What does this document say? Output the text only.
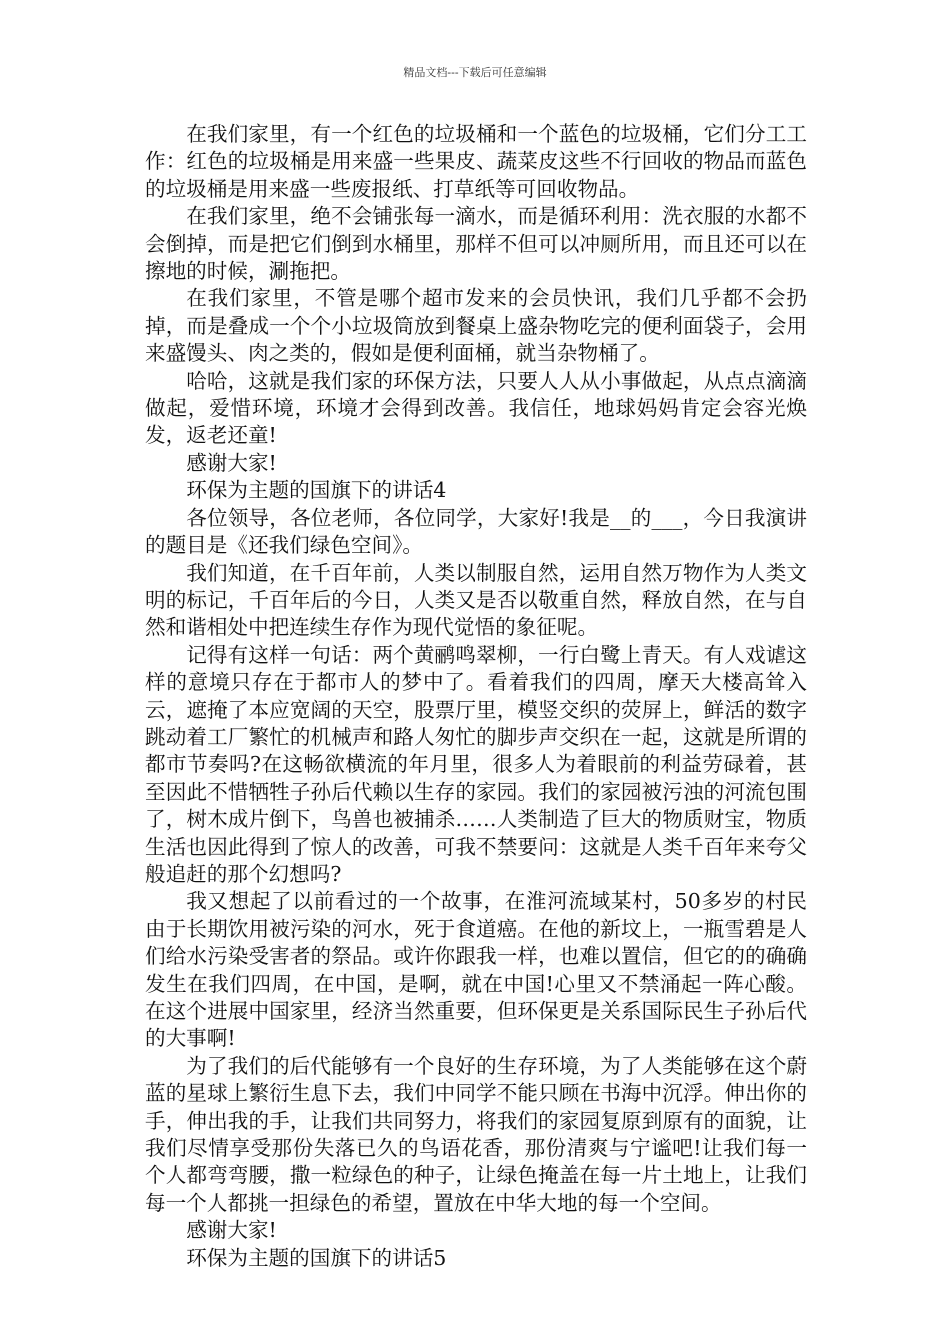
精品文档---下载后可任意编辑

在我们家里，有一个红色的垃圾桶和一个蓝色的垃圾桶，它们分工工作：红色的垃圾桶是用来盛一些果皮、蔬菜皮这些不行回收的物品而蓝色的垃圾桶是用来盛一些废报纸、打草纸等可回收物品。

在我们家里，绝不会铺张每一滴水，而是循环利用：洗衣服的水都不会倒掉，而是把它们倒到水桶里，那样不但可以冲厕所用，而且还可以在擦地的时候，涮拖把。

在我们家里，不管是哪个超市发来的会员快讯，我们几乎都不会扔掉，而是叠成一个个小垃圾筒放到餐桌上盛杂物吃完的便利面袋子，会用来盛馒头、肉之类的，假如是便利面桶，就当杂物桶了。

哈哈，这就是我们家的环保方法，只要人人从小事做起，从点点滴滴做起，爱惜环境，环境才会得到改善。我信任，地球妈妈肯定会容光焕发，返老还童!

感谢大家!

环保为主题的国旗下的讲话4

各位领导，各位老师，各位同学，大家好!我是__的___，今日我演讲的题目是《还我们绿色空间》。

我们知道，在千百年前，人类以制服自然，运用自然万物作为人类文明的标记，千百年后的今日，人类又是否以敬重自然，释放自然，在与自然和谐相处中把连续生存作为现代觉悟的象征呢。

记得有这样一句话：两个黄鹂鸣翠柳，一行白鹭上青天。有人戏谑这样的意境只存在于都市人的梦中了。看着我们的四周，摩天大楼高耸入云，遮掩了本应宽阔的天空，股票厅里，模竖交织的荧屏上，鲜活的数字跳动着工厂繁忙的机械声和路人匆忙的脚步声交织在一起，这就是所谓的都市节奏吗?在这畅欲横流的年月里，很多人为着眼前的利益劳碌着，甚至因此不惜牺牲子孙后代赖以生存的家园。我们的家园被污浊的河流包围了，树木成片倒下，鸟兽也被捕杀……人类制造了巨大的物质财宝，物质生活也因此得到了惊人的改善，可我不禁要问：这就是人类千百年来夸父般追赶的那个幻想吗?

我又想起了以前看过的一个故事，在淮河流域某村，50多岁的村民由于长期饮用被污染的河水，死于食道癌。在他的新坟上，一瓶雪碧是人们给水污染受害者的祭品。或许你跟我一样，也难以置信，但它的的确确发生在我们四周，在中国，是啊，就在中国!心里又不禁涌起一阵心酸。在这个进展中国家里，经济当然重要，但环保更是关系国际民生子孙后代的大事啊!

为了我们的后代能够有一个良好的生存环境，为了人类能够在这个蔚蓝的星球上繁衍生息下去，我们中同学不能只顾在书海中沉浮。伸出你的手，伸出我的手，让我们共同努力，将我们的家园复原到原有的面貌，让我们尽情享受那份失落已久的鸟语花香，那份清爽与宁谧吧!让我们每一个人都弯弯腰，撒一粒绿色的种子，让绿色掩盖在每一片土地上，让我们每一个人都挑一担绿色的希望，置放在中华大地的每一个空间。

感谢大家!

环保为主题的国旗下的讲话5
